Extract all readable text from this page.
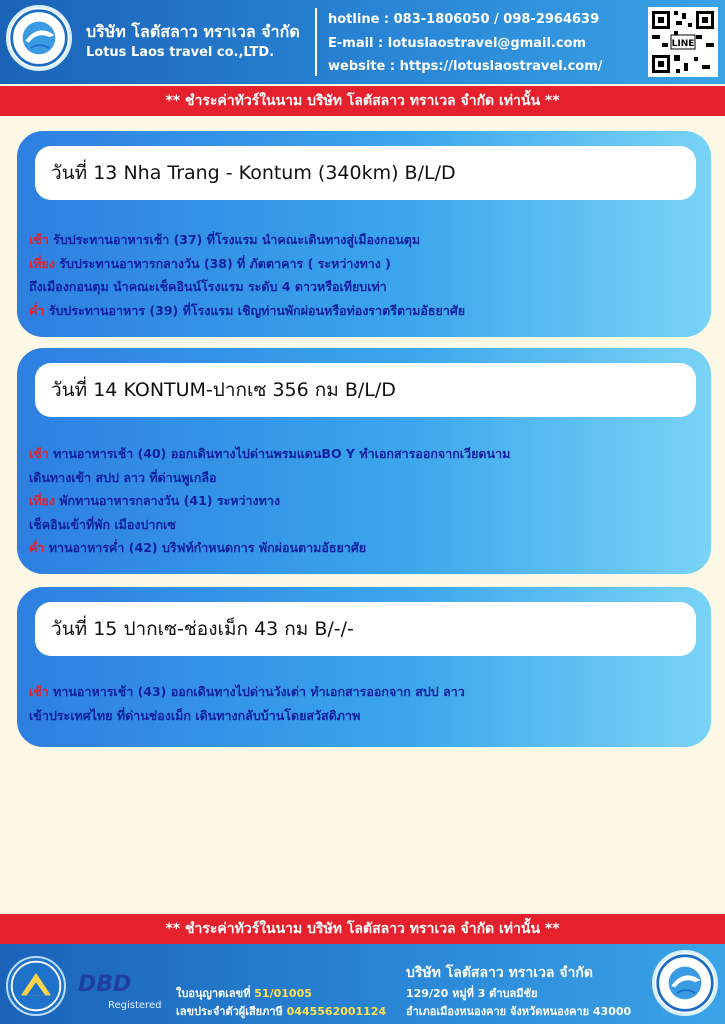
บริษัท โลตัสลาว ทราเวล จำกัด
Lotus Laos travel co.,LTD.
hotline : 083-1806050 / 098-2964639
E-mail : lotuslaostravel@gmail.com
website : https://lotuslaostravel.com/
LINE
** ชำระค่าทัวร์ในนาม บริษัท โลตัสลาว ทราเวล จำกัด เท่านั้น **
วันที่ 13 Nha Trang - Kontum (340km) B/L/D
เช้า รับประทานอาหารเช้า (37) ที่โรงแรม นำคณะเดินทางสู่เมืองกอนตุม
เที่ยง รับประทานอาหารกลางวัน (38) ที่ ภัตตาคาร ( ระหว่างทาง )
ถึงเมืองกอนตุม นำคณะเช็คอินน์โรงแรม ระดับ 4 ดาวหรือเทียบเท่า
ค่ำ รับประทานอาหาร (39) ที่โรงแรม เชิญท่านพักผ่อนหรือท่องราตรีตามอัธยาศัย
วันที่ 14 KONTUM-ปากเซ 356 กม B/L/D
เช้า ทานอาหารเช้า (40) ออกเดินทางไปด่านพรมแดนBO Y ทำเอกสารออกจากเวียดนาม
เดินทางเข้า สปป ลาว ที่ด่านพูเกลือ
เที่ยง พักทานอาหารกลางวัน (41) ระหว่างทาง
เช็คอินเข้าที่พัก เมืองปากเซ
ค่ำ ทานอาหารค่ำ (42) บริฟท์กำหนดการ พักผ่อนตามอัธยาศัย
วันที่ 15 ปากเซ-ช่องเม็ก 43 กม B/-/-
เช้า ทานอาหารเช้า (43) ออกเดินทางไปด่านวังเต่า ทำเอกสารออกจาก สปป ลาว
เข้าประเทศไทย ที่ด่านช่องเม็ก เดินทางกลับบ้านโดยสวัสดิภาพ
** ชำระค่าทัวร์ในนาม บริษัท โลตัสลาว ทราเวล จำกัด เท่านั้น **
DBD
Registered
ใบอนุญาตเลขที่ 51/01005
เลขประจำตัวผู้เสียภาษี 0445562001124
บริษัท โลตัสลาว ทราเวล จำกัด
129/20 หมู่ที่ 3 ตำบลมีชัย
อำเภอเมืองหนองคาย จังหวัดหนองคาย 43000
